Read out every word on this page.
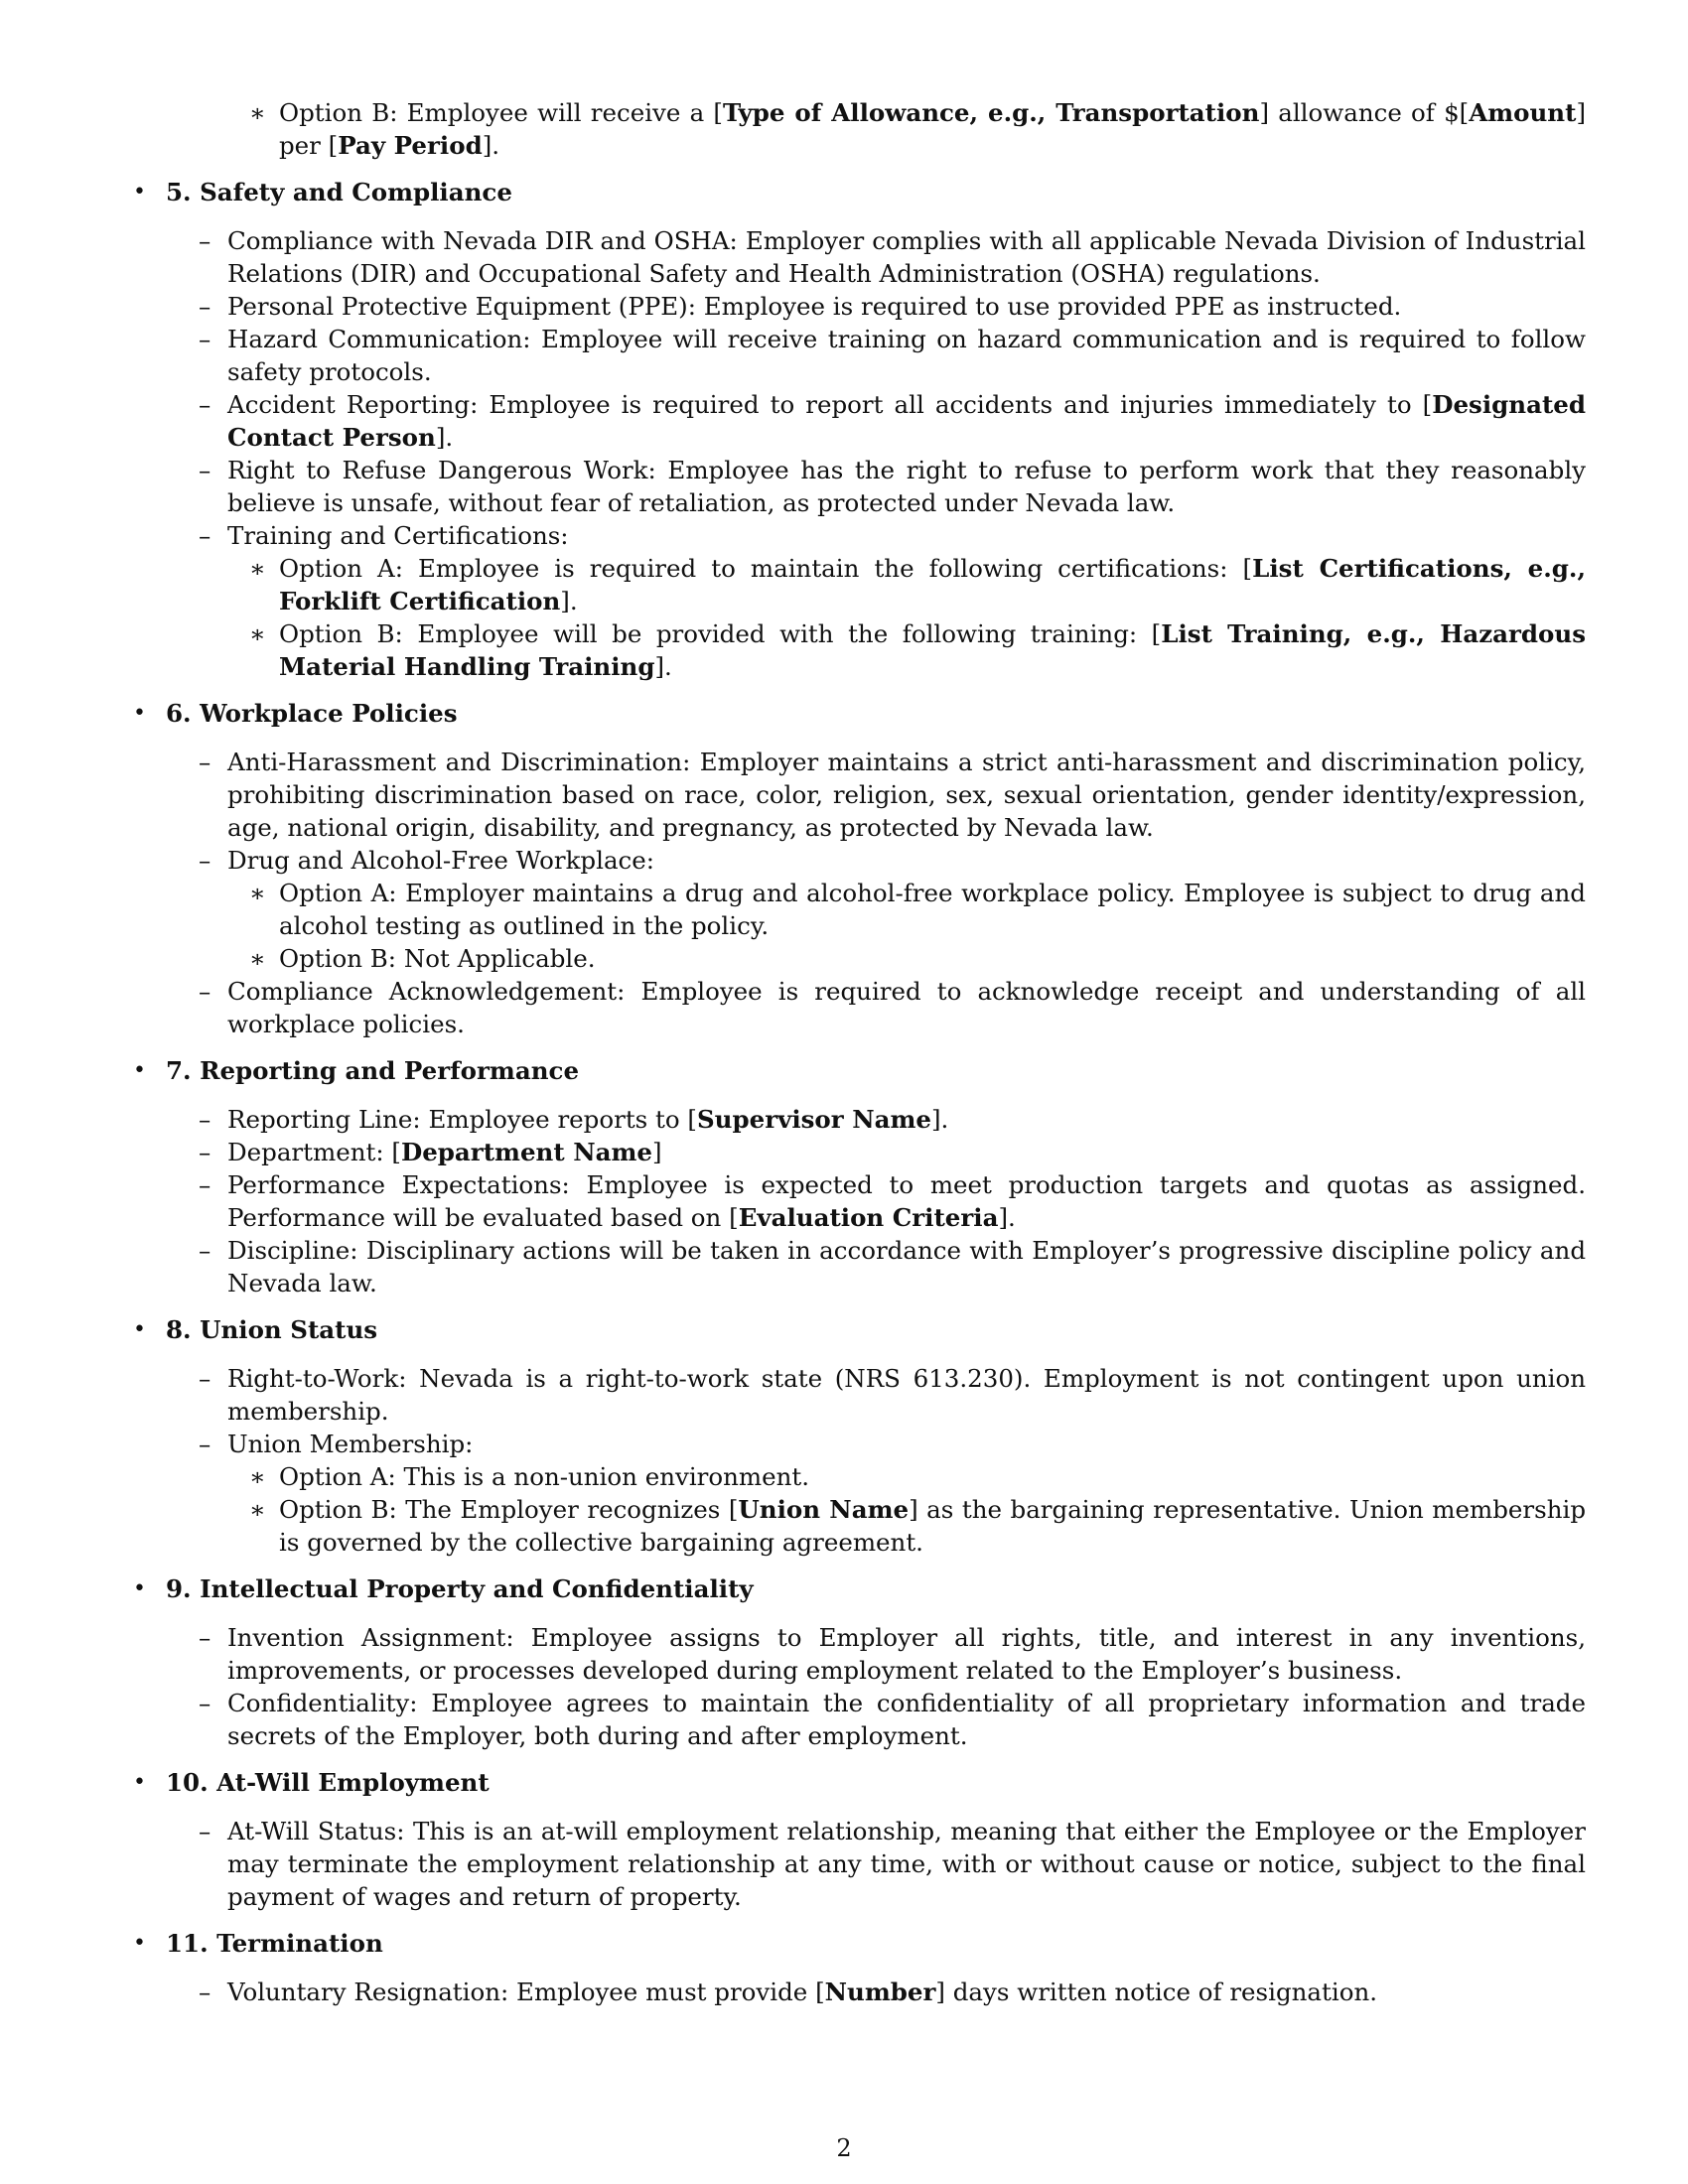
∗ Option B: Employee will receive a [Type of Allowance, e.g., Transportation] allowance of $[Amount] per [Pay Period].
• 5. Safety and Compliance
– Compliance with Nevada DIR and OSHA: Employer complies with all applicable Nevada Division of Industrial Relations (DIR) and Occupational Safety and Health Administration (OSHA) regulations.
– Personal Protective Equipment (PPE): Employee is required to use provided PPE as instructed.
– Hazard Communication: Employee will receive training on hazard communication and is required to follow safety protocols.
– Accident Reporting: Employee is required to report all accidents and injuries immediately to [Designated Contact Person].
– Right to Refuse Dangerous Work: Employee has the right to refuse to perform work that they reasonably believe is unsafe, without fear of retaliation, as protected under Nevada law.
– Training and Certifications:
∗ Option A: Employee is required to maintain the following certifications: [List Certifications, e.g., Forklift Certification].
∗ Option B: Employee will be provided with the following training: [List Training, e.g., Hazardous Material Handling Training].
• 6. Workplace Policies
– Anti-Harassment and Discrimination: Employer maintains a strict anti-harassment and discrimination policy, prohibiting discrimination based on race, color, religion, sex, sexual orientation, gender identity/expression, age, national origin, disability, and pregnancy, as protected by Nevada law.
– Drug and Alcohol-Free Workplace:
∗ Option A: Employer maintains a drug and alcohol-free workplace policy. Employee is subject to drug and alcohol testing as outlined in the policy.
∗ Option B: Not Applicable.
– Compliance Acknowledgement: Employee is required to acknowledge receipt and understanding of all workplace policies.
• 7. Reporting and Performance
– Reporting Line: Employee reports to [Supervisor Name].
– Department: [Department Name]
– Performance Expectations: Employee is expected to meet production targets and quotas as assigned. Performance will be evaluated based on [Evaluation Criteria].
– Discipline: Disciplinary actions will be taken in accordance with Employer’s progressive discipline policy and Nevada law.
• 8. Union Status
– Right-to-Work: Nevada is a right-to-work state (NRS 613.230). Employment is not contingent upon union membership.
– Union Membership:
∗ Option A: This is a non-union environment.
∗ Option B: The Employer recognizes [Union Name] as the bargaining representative. Union membership is governed by the collective bargaining agreement.
• 9. Intellectual Property and Confidentiality
– Invention Assignment: Employee assigns to Employer all rights, title, and interest in any inventions, improvements, or processes developed during employment related to the Employer’s business.
– Confidentiality: Employee agrees to maintain the confidentiality of all proprietary information and trade secrets of the Employer, both during and after employment.
• 10. At-Will Employment
– At-Will Status: This is an at-will employment relationship, meaning that either the Employee or the Employer may terminate the employment relationship at any time, with or without cause or notice, subject to the final payment of wages and return of property.
• 11. Termination
– Voluntary Resignation: Employee must provide [Number] days written notice of resignation.
2
